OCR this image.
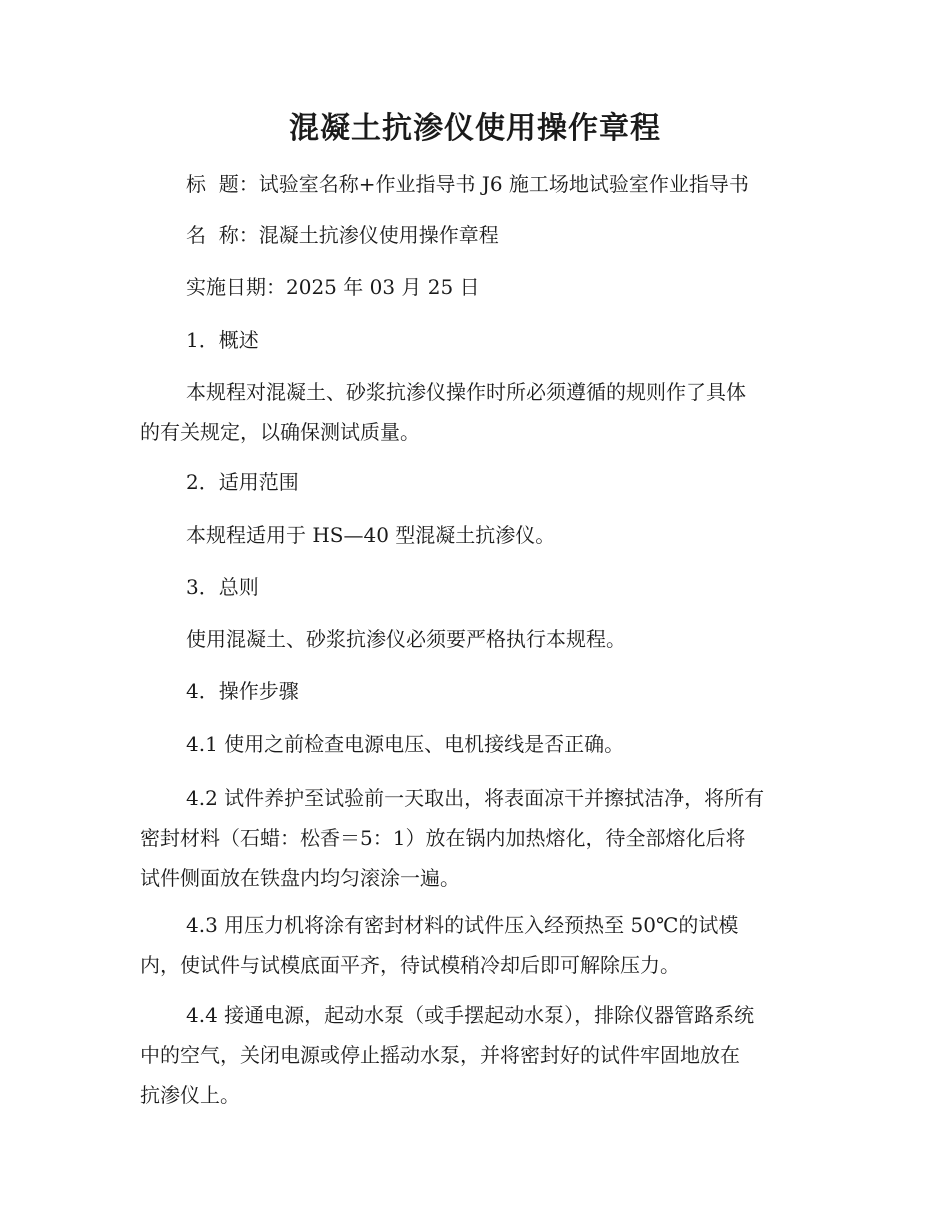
混凝土抗渗仪使用操作章程

标  题：试验室名称+作业指导书 J6 施工场地试验室作业指导书

名  称：混凝土抗渗仪使用操作章程

实施日期：2025 年 03 月 25 日

1．概述

本规程对混凝土、砂浆抗渗仪操作时所必须遵循的规则作了具体
的有关规定，以确保测试质量。

2．适用范围

本规程适用于 HS—40 型混凝土抗渗仪。

3．总则

使用混凝土、砂浆抗渗仪必须要严格执行本规程。

4．操作步骤

4.1 使用之前检查电源电压、电机接线是否正确。

4.2 试件养护至试验前一天取出，将表面凉干并擦拭洁净，将所有
密封材料（石蜡：松香＝5：1）放在锅内加热熔化，待全部熔化后将
试件侧面放在铁盘内均匀滚涂一遍。

4.3 用压力机将涂有密封材料的试件压入经预热至 50℃的试模
内，使试件与试模底面平齐，待试模稍冷却后即可解除压力。

4.4 接通电源，起动水泵（或手摆起动水泵），排除仪器管路系统
中的空气，关闭电源或停止摇动水泵，并将密封好的试件牢固地放在
抗渗仪上。
